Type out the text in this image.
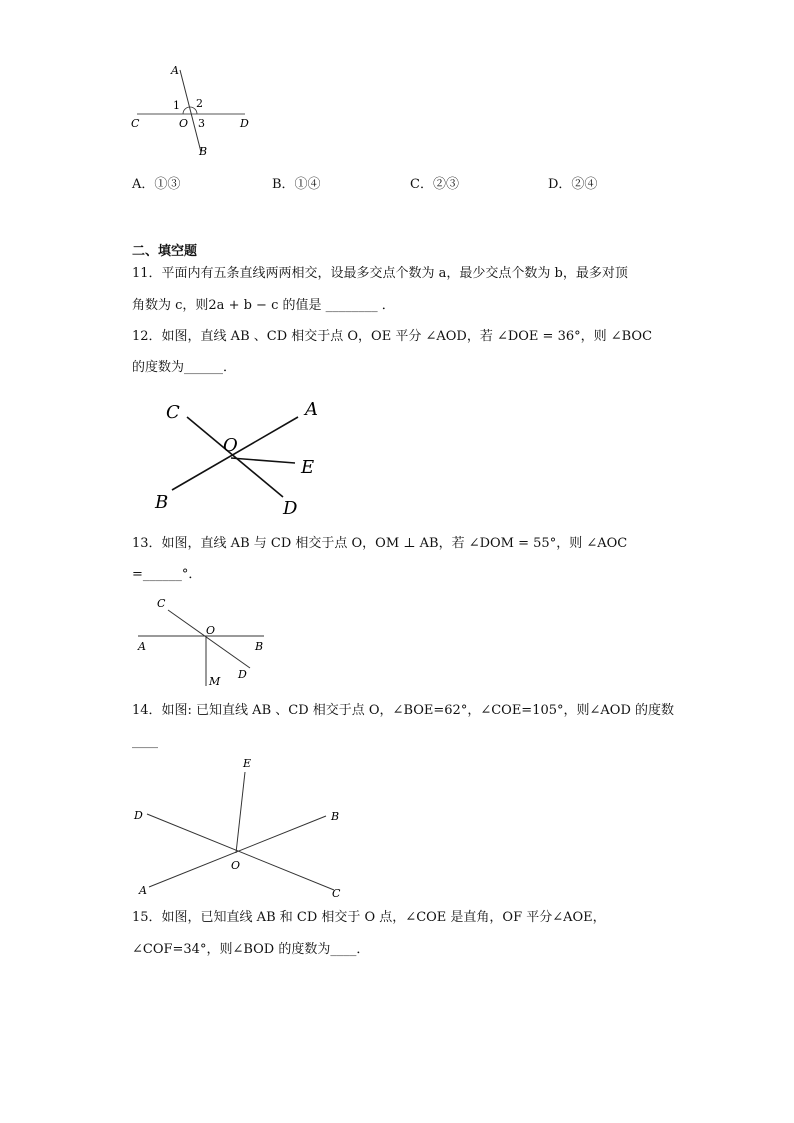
A
1 2
C	O 3	D
B
A．①③	B．①④	C．②③	D．②④
二、填空题
11．平面内有五条直线两两相交，设最多交点个数为 a，最少交点个数为 b，最多对顶
角数为 c，则2a + b − c 的值是 ________ ．
12．如图，直线 AB 、CD 相交于点 O，OE 平分 ∠AOD，若 ∠DOE = 36°，则 ∠BOC
的度数为______．
C	A
O
E
B	D
13．如图，直线 AB 与 CD 相交于点 O，OM ⊥ AB，若 ∠DOM = 55°，则 ∠AOC
=______°．
C
O
A	B
D
M
14．如图: 已知直线 AB 、CD 相交于点 O，∠BOE=62°，∠COE=105°，则∠AOD 的度数
____
E
D	B
O
A	C
15．如图，已知直线 AB 和 CD 相交于 O 点，∠COE 是直角，OF 平分∠AOE，
∠COF=34°，则∠BOD 的度数为____．
